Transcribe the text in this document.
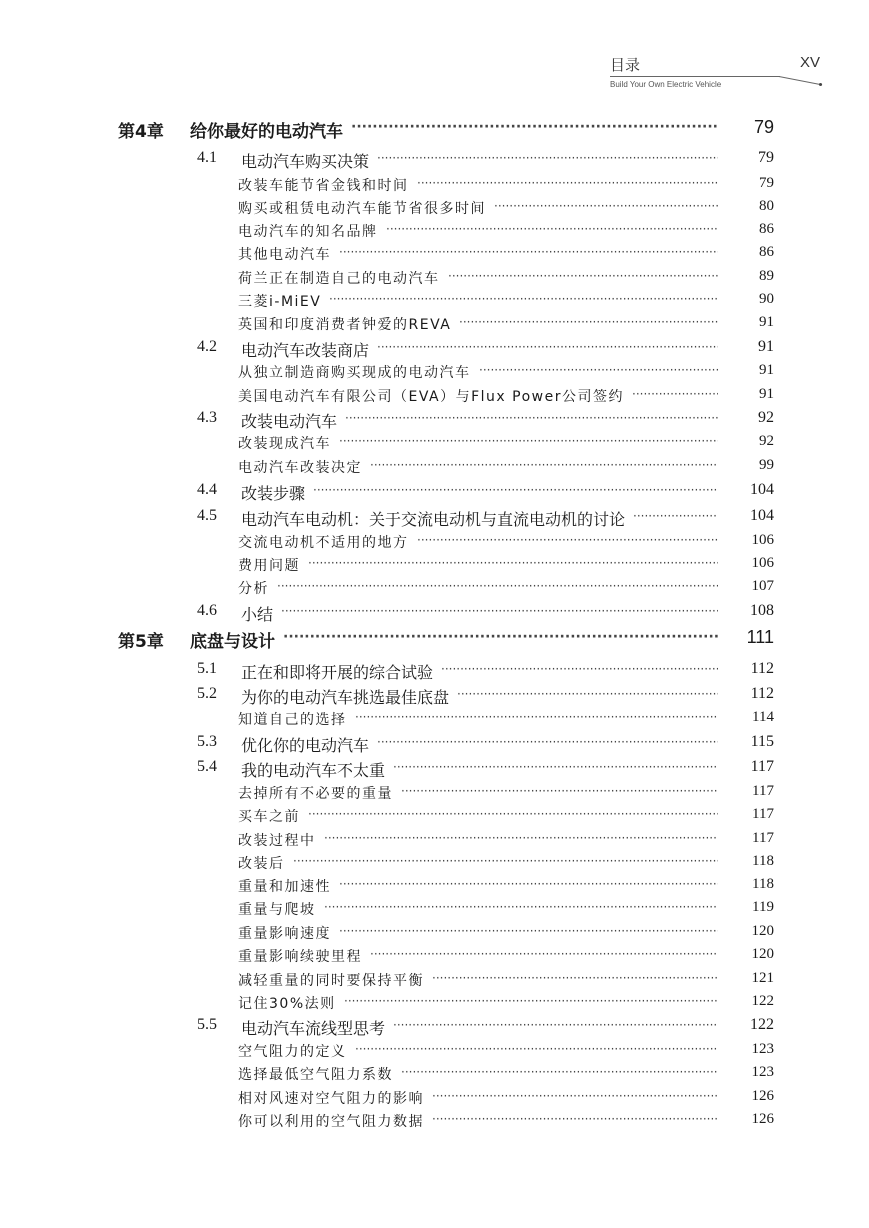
目录	XV
Build Your Own Electric Vehicle
第4章 给你最好的电动汽车 ·····	79
4.1 电动汽车购买决策 ·····	79
改装车能节省金钱和时间 ·····	79
购买或租赁电动汽车能节省很多时间 ·····	80
电动汽车的知名品牌 ·····	86
其他电动汽车 ·····	86
荷兰正在制造自己的电动汽车 ·····	89
三菱i-MiEV ·····	90
英国和印度消费者钟爱的REVA ·····	91
4.2 电动汽车改装商店 ·····	91
从独立制造商购买现成的电动汽车 ·····	91
美国电动汽车有限公司（EVA）与Flux Power公司签约 ·····	91
4.3 改装电动汽车 ·····	92
改装现成汽车 ·····	92
电动汽车改装决定 ·····	99
4.4 改装步骤 ·····	104
4.5 电动汽车电动机：关于交流电动机与直流电动机的讨论 ·····	104
交流电动机不适用的地方 ·····	106
费用问题 ·····	106
分析 ·····	107
4.6 小结 ·····	108
第5章 底盘与设计 ·····	111
5.1 正在和即将开展的综合试验 ·····	112
5.2 为你的电动汽车挑选最佳底盘 ·····	112
知道自己的选择 ·····	114
5.3 优化你的电动汽车 ·····	115
5.4 我的电动汽车不太重 ·····	117
去掉所有不必要的重量 ·····	117
买车之前 ·····	117
改装过程中 ·····	117
改装后 ·····	118
重量和加速性 ·····	118
重量与爬坡 ·····	119
重量影响速度 ·····	120
重量影响续驶里程 ·····	120
减轻重量的同时要保持平衡 ·····	121
记住30%法则 ·····	122
5.5 电动汽车流线型思考 ·····	122
空气阻力的定义 ·····	123
选择最低空气阻力系数 ·····	123
相对风速对空气阻力的影响 ·····	126
你可以利用的空气阻力数据 ·····	126
